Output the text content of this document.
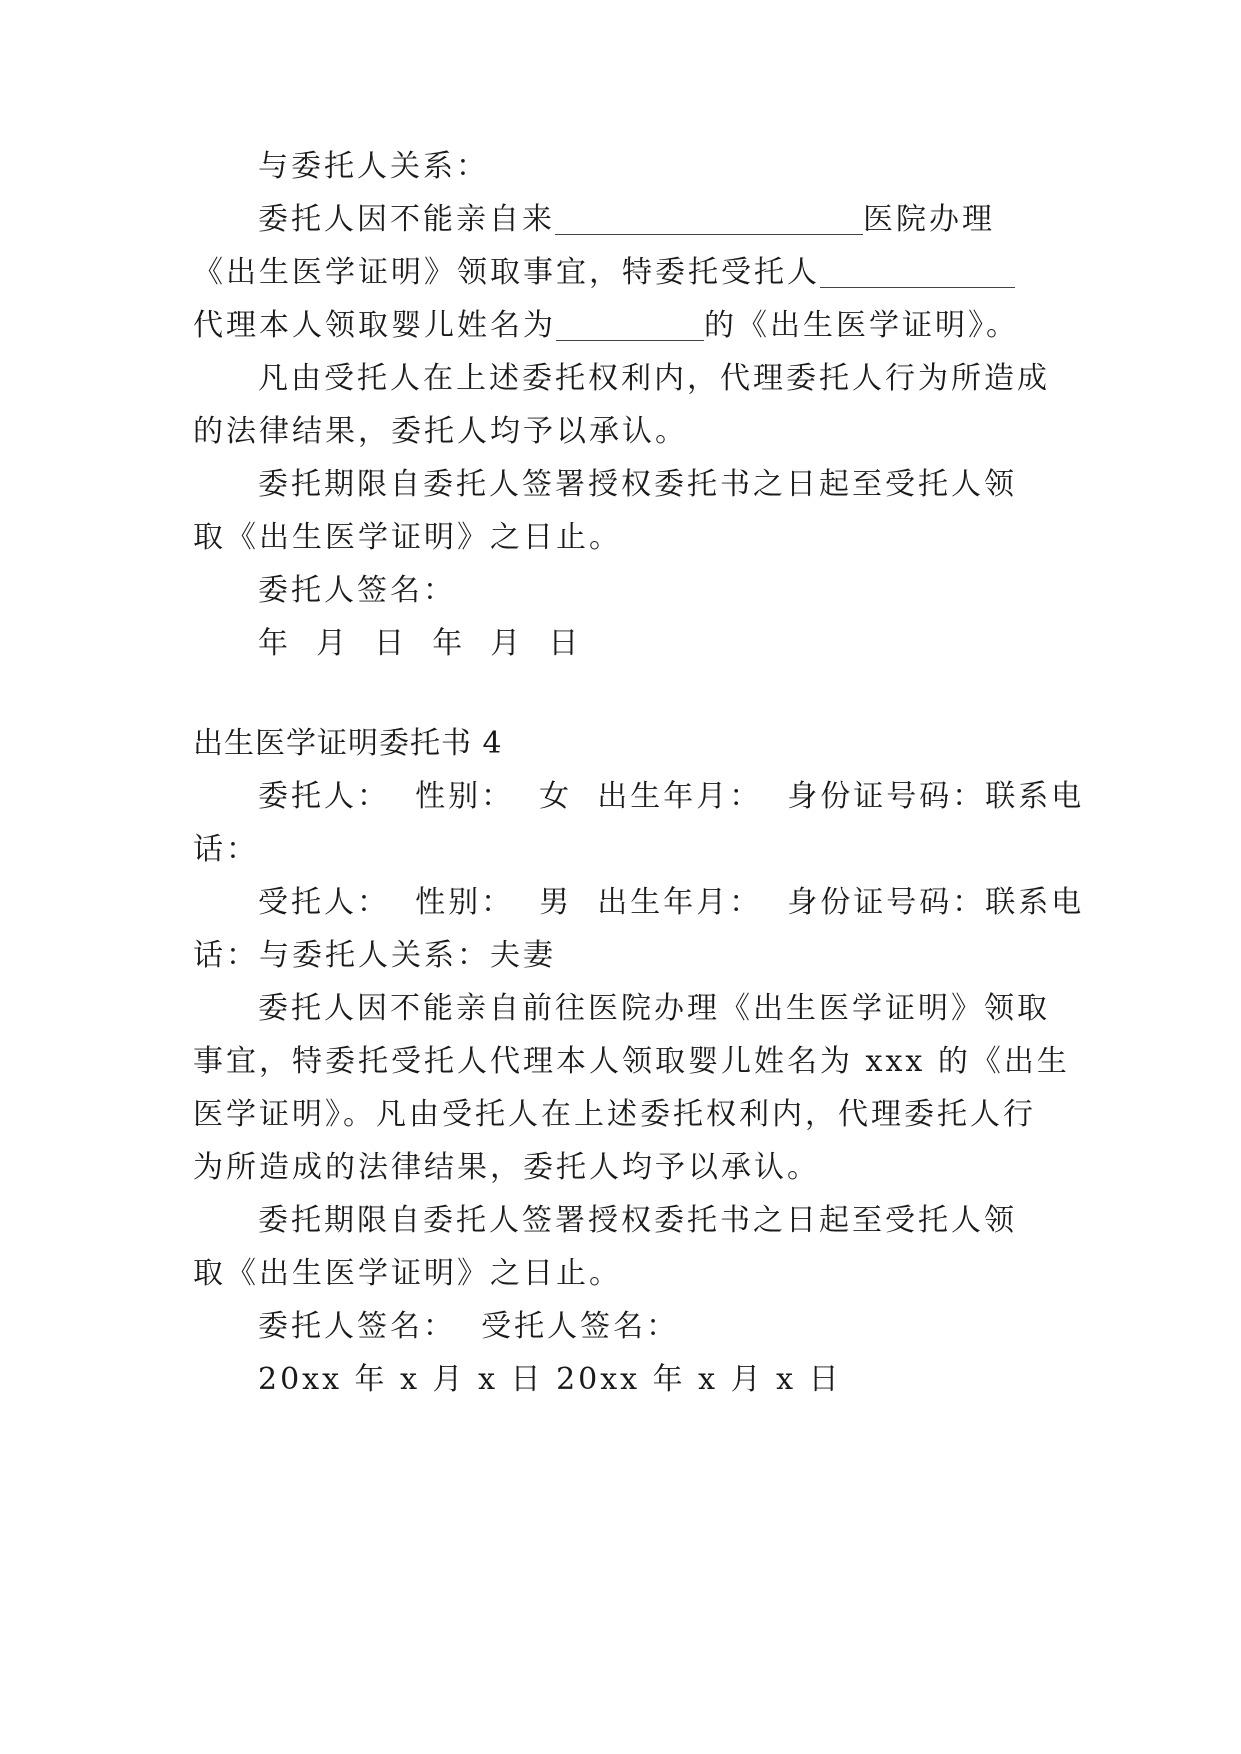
与委托人关系：
委托人因不能亲自来	医院办理
《出生医学证明》领取事宜，特委托受托人
代理本人领取婴儿姓名为	的《出生医学证明》。
凡由受托人在上述委托权利内，代理委托人行为所造成
的法律结果，委托人均予以承认。
委托期限自委托人签署授权委托书之日起至受托人领
取《出生医学证明》之日止。
委托人签名：
年  月  日  年  月  日
出生医学证明委托书 4
委托人：  性别：  女  出生年月：  身份证号码：联系电
话：
受托人：  性别：  男  出生年月：  身份证号码：联系电
话：与委托人关系：夫妻
委托人因不能亲自前往医院办理《出生医学证明》领取
事宜，特委托受托人代理本人领取婴儿姓名为 xxx 的《出生
医学证明》。凡由受托人在上述委托权利内，代理委托人行
为所造成的法律结果，委托人均予以承认。
委托期限自委托人签署授权委托书之日起至受托人领
取《出生医学证明》之日止。
委托人签名：  受托人签名：
20xx 年 x 月 x 日 20xx 年 x 月 x 日
